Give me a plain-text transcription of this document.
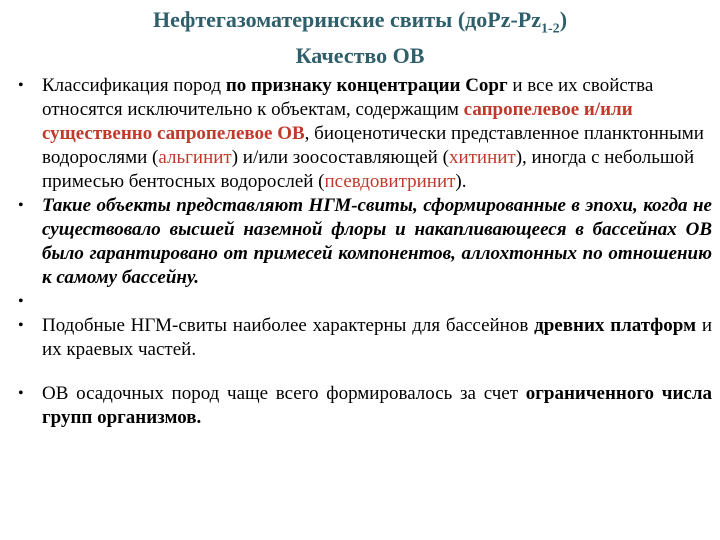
Нефтегазоматеринские свиты $(доPz-Pz_{1-2})$
Качество ОВ
• Классификация пород по признаку концентрации Сорг и все их свойства относятся исключительно к объектам, содержащим сапропелевое и/или существенно сапропелевое ОВ, биоценотически представленное планктонными водорослями (альгинит) и/или зоосоставляющей (хитинит), иногда с небольшой примесью бентосных водорослей (псевдовитринит).
• Такие объекты представляют НГМ-свиты, сформированные в эпохи, когда не существовало высшей наземной флоры и накапливающееся в бассейнах ОВ было гарантировано от примесей компонентов, аллохтонных по отношению к самому бассейну.
•
• Подобные НГМ-свиты наиболее характерны для бассейнов древних платформ и их краевых частей.
• ОВ осадочных пород чаще всего формировалось за счет ограниченного числа групп организмов.
